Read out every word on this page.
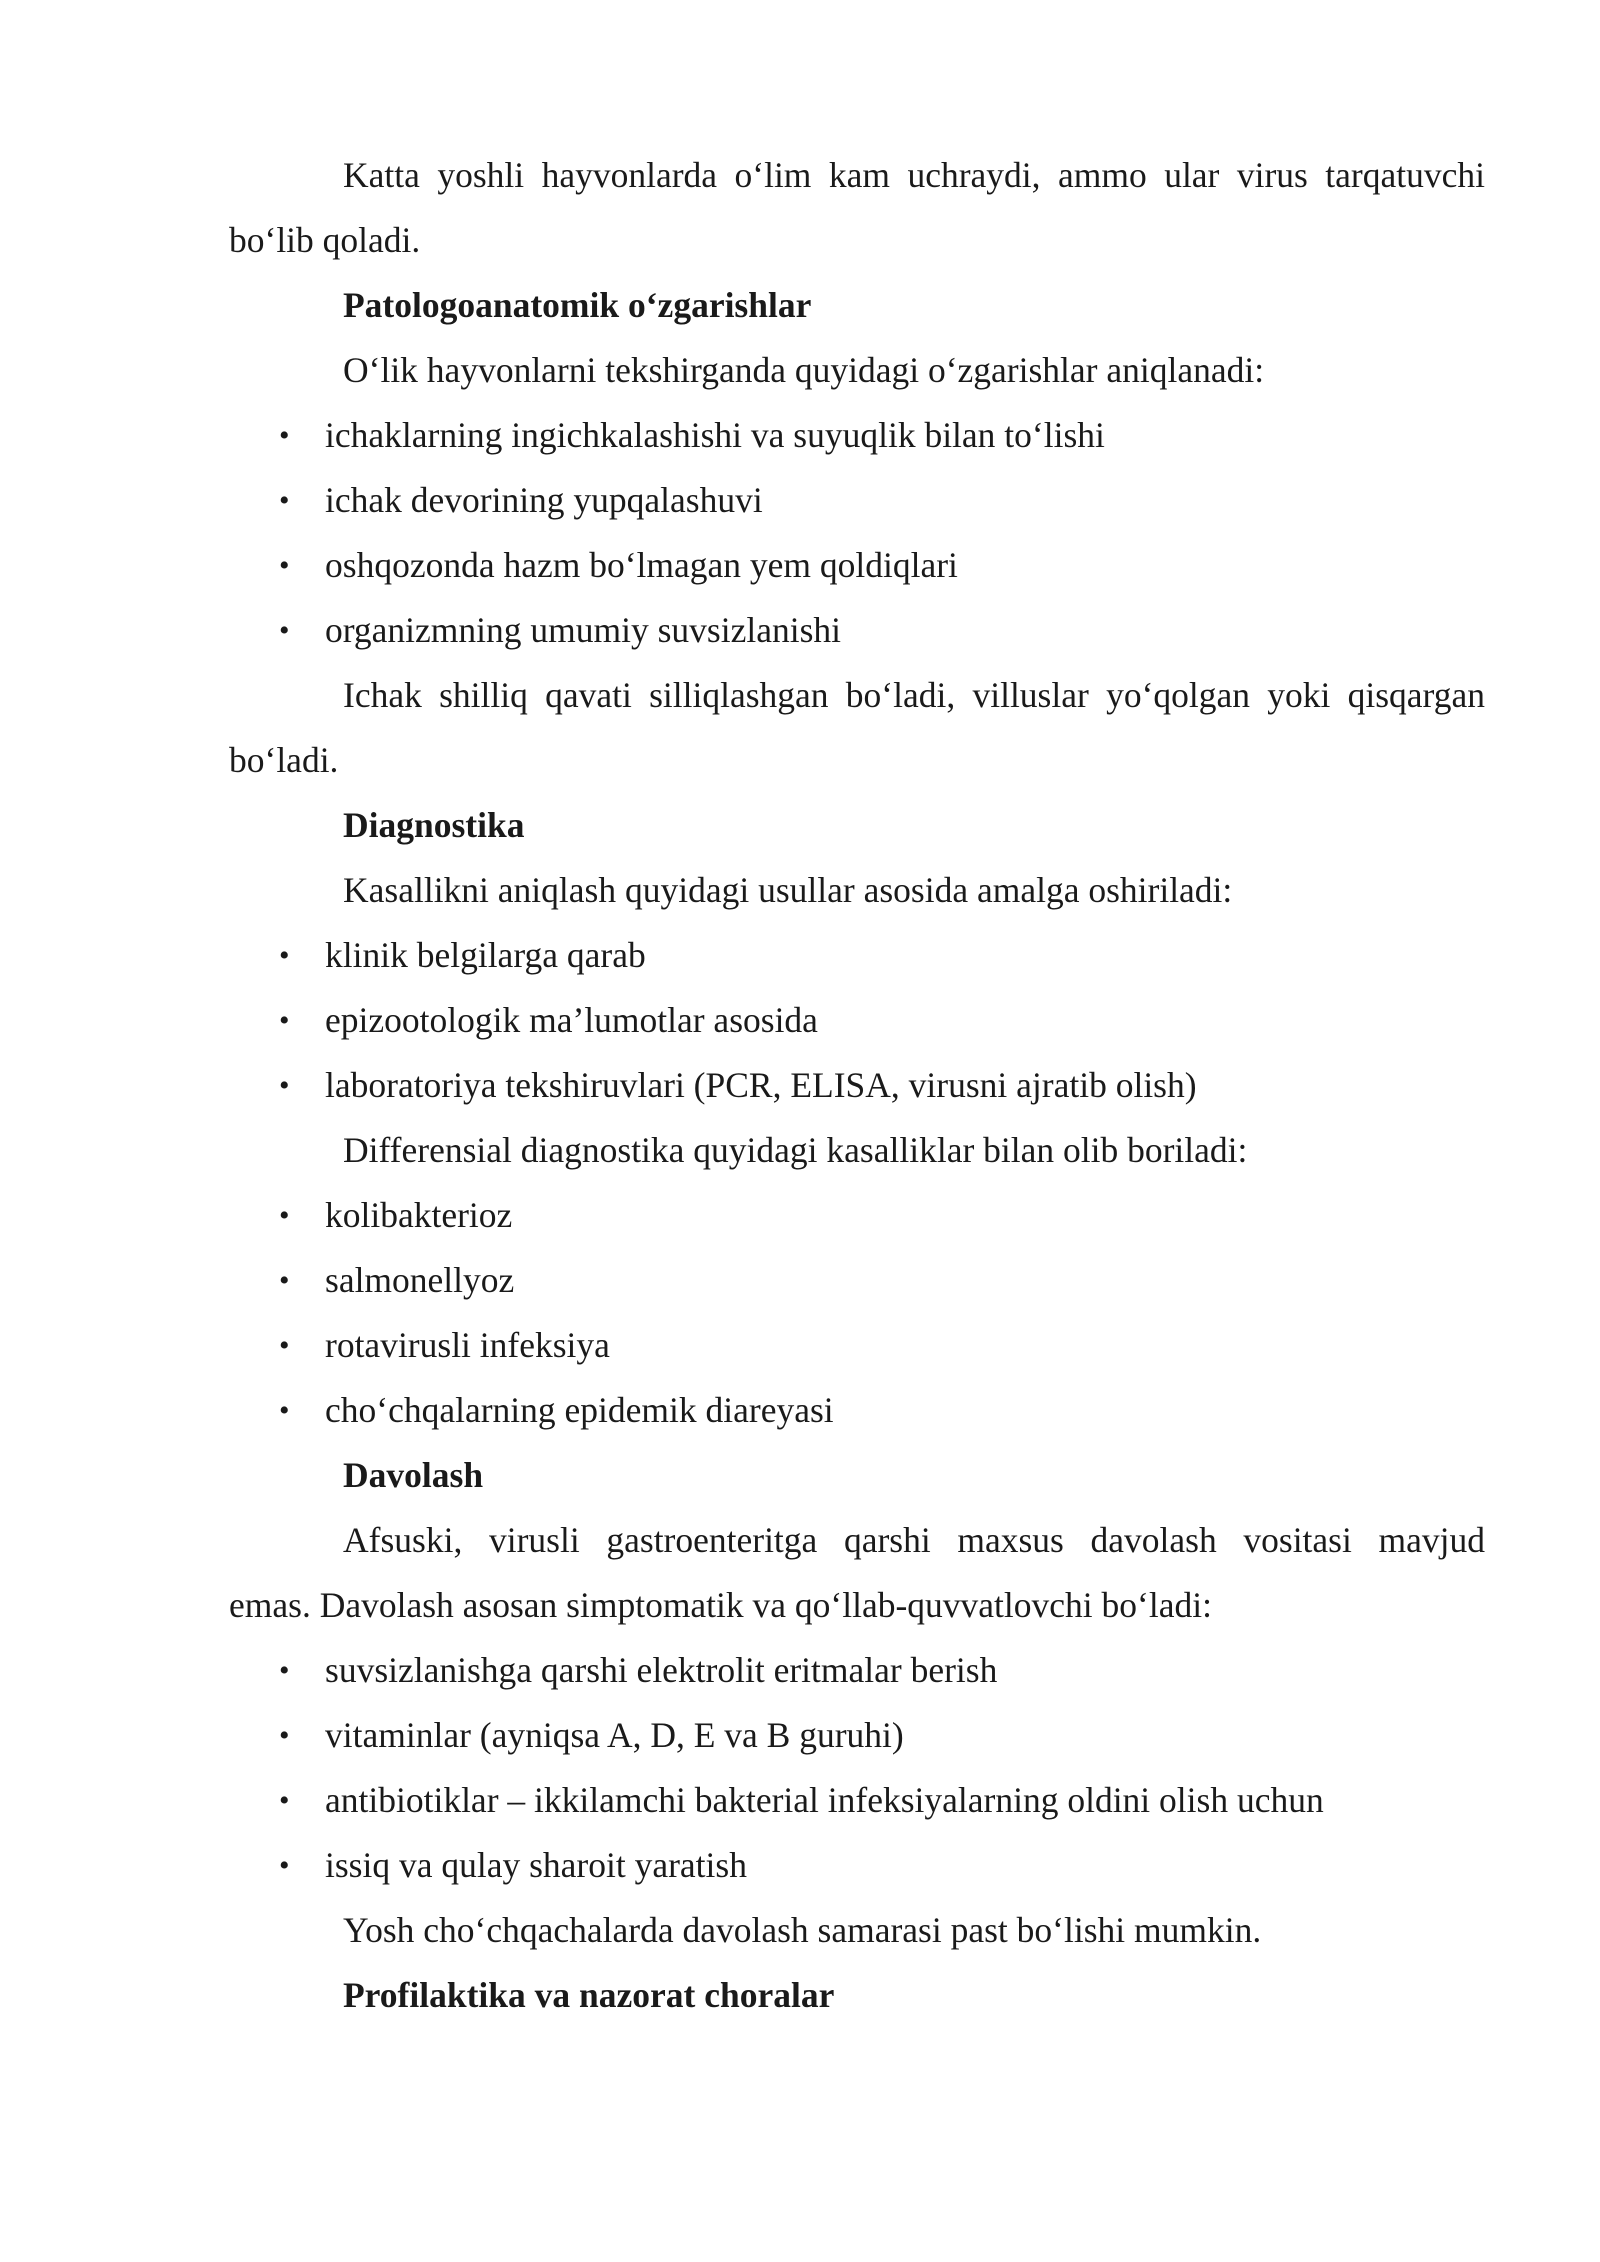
Katta yoshli hayvonlarda o‘lim kam uchraydi, ammo ular virus tarqatuvchi
bo‘lib qoladi.
Patologoanatomik o‘zgarishlar
O‘lik hayvonlarni tekshirganda quyidagi o‘zgarishlar aniqlanadi:
• ichaklarning ingichkalashishi va suyuqlik bilan to‘lishi
• ichak devorining yupqalashuvi
• oshqozonda hazm bo‘lmagan yem qoldiqlari
• organizmning umumiy suvsizlanishi
Ichak shilliq qavati silliqlashgan bo‘ladi, villuslar yo‘qolgan yoki qisqargan
bo‘ladi.
Diagnostika
Kasallikni aniqlash quyidagi usullar asosida amalga oshiriladi:
• klinik belgilarga qarab
• epizootologik ma’lumotlar asosida
• laboratoriya tekshiruvlari (PCR, ELISA, virusni ajratib olish)
Differensial diagnostika quyidagi kasalliklar bilan olib boriladi:
• kolibakterioz
• salmonellyoz
• rotavirusli infeksiya
• cho‘chqalarning epidemik diareyasi
Davolash
Afsuski, virusli gastroenteritga qarshi maxsus davolash vositasi mavjud
emas. Davolash asosan simptomatik va qo‘llab-quvvatlovchi bo‘ladi:
• suvsizlanishga qarshi elektrolit eritmalar berish
• vitaminlar (ayniqsa A, D, E va B guruhi)
• antibiotiklar – ikkilamchi bakterial infeksiyalarning oldini olish uchun
• issiq va qulay sharoit yaratish
Yosh cho‘chqachalarda davolash samarasi past bo‘lishi mumkin.
Profilaktika va nazorat choralar
